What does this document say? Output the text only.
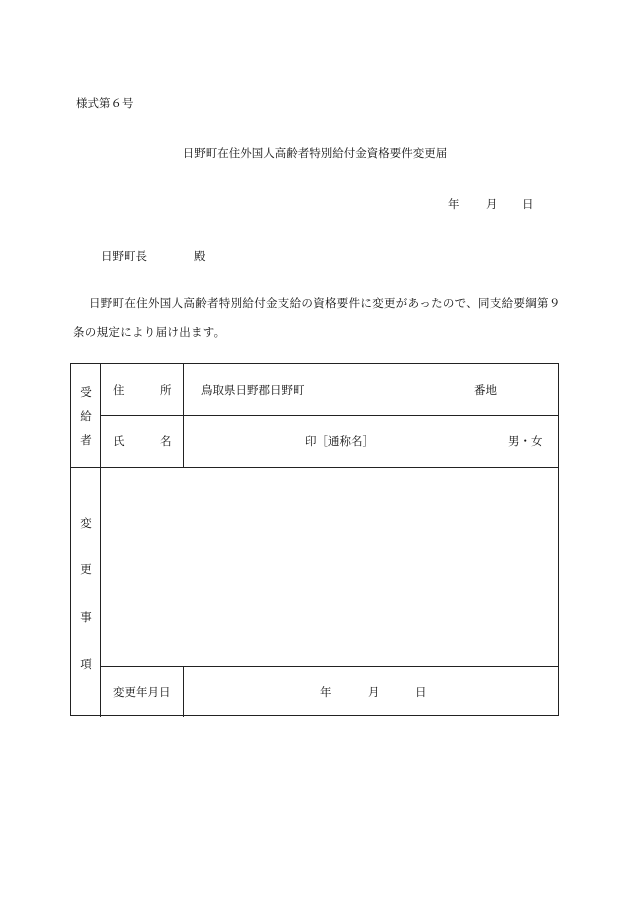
様式第６号
日野町在住外国人高齢者特別給付金資格要件変更届
年 月 日
日野町長	殿
日野町在住外国人高齢者特別給付金支給の資格要件に変更があったので、同支給要綱第９
条の規定により届け出ます。
受
給
者
住	所	鳥取県日野郡日野町	番地
氏	名	印［通称名］	男・女
変
更
事
項
変更年月日	年	月	日
